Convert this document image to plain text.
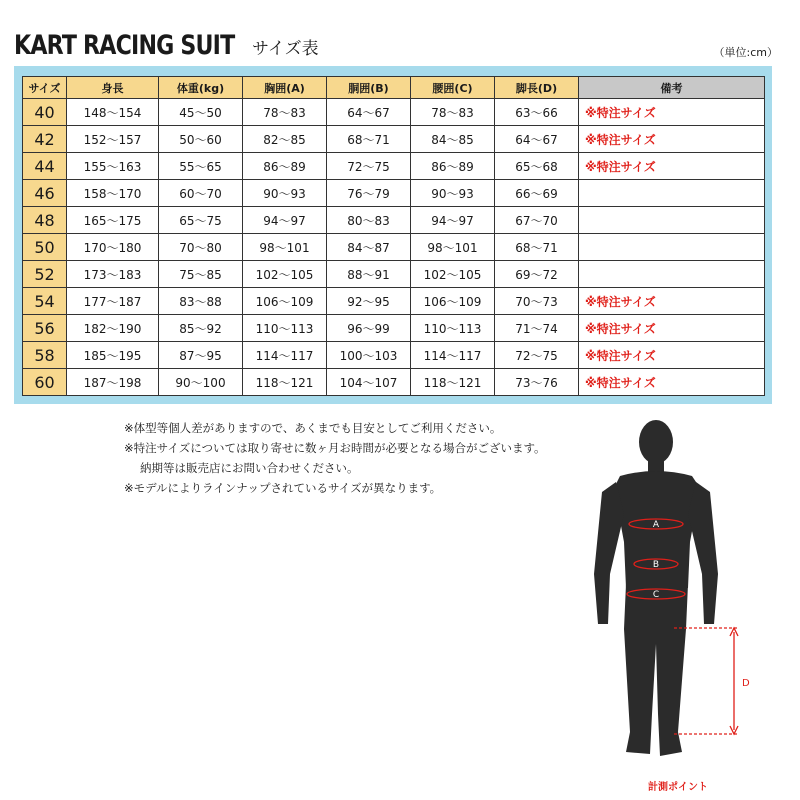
KART RACING SUIT サイズ表	（単位:cm）
サイズ	身長	体重(kg)	胸囲(A)	胴囲(B)	腰囲(C)	脚長(D)	備考
40	148～154	45～50	78～83	64～67	78～83	63～66	※特注サイズ
42	152～157	50～60	82～85	68～71	84～85	64～67	※特注サイズ
44	155～163	55～65	86～89	72～75	86～89	65～68	※特注サイズ
46	158～170	60～70	90～93	76～79	90～93	66～69	
48	165～175	65～75	94～97	80～83	94～97	67～70	
50	170～180	70～80	98～101	84～87	98～101	68～71	
52	173～183	75～85	102～105	88～91	102～105	69～72	
54	177～187	83～88	106～109	92～95	106～109	70～73	※特注サイズ
56	182～190	85～92	110～113	96～99	110～113	71～74	※特注サイズ
58	185～195	87～95	114～117	100～103	114～117	72～75	※特注サイズ
60	187～198	90～100	118～121	104～107	118～121	73～76	※特注サイズ
※体型等個人差がありますので、あくまでも目安としてご利用ください。
※特注サイズについては取り寄せに数ヶ月お時間が必要となる場合がございます。
納期等は販売店にお問い合わせください。
※モデルによりラインナップされているサイズが異なります。
A
B
C
D
計測ポイント
